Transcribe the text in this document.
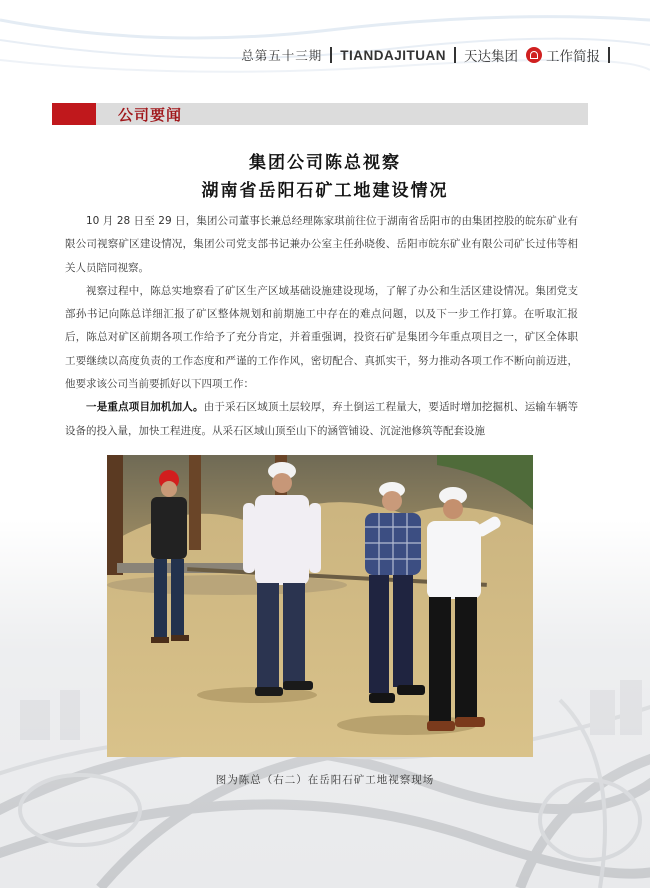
总第五十三期 TIANDAJITUAN 天达集团 工作简报
公司要闻
集团公司陈总视察
湖南省岳阳石矿工地建设情况

10 月 28 日至 29 日，集团公司董事长兼总经理陈家琪前往位于湖南省岳阳市的由集团控股的皖东矿业有限公司视察矿区建设情况，集团公司党支部书记兼办公室主任孙晓俊、岳阳市皖东矿业有限公司矿长过伟等相关人员陪同视察。

视察过程中，陈总实地察看了矿区生产区域基础设施建设现场，了解了办公和生活区建设情况。集团党支部孙书记向陈总详细汇报了矿区整体规划和前期施工中存在的难点问题，以及下一步工作打算。在听取汇报后，陈总对矿区前期各项工作给予了充分肯定，并着重强调，投资石矿是集团今年重点项目之一，矿区全体职工要继续以高度负责的工作态度和严谨的工作作风，密切配合、真抓实干，努力推动各项工作不断向前迈进，他要求该公司当前要抓好以下四项工作：

一是重点项目加机加人。由于采石区域顶土层较厚，弃土倒运工程量大，要适时增加挖掘机、运输车辆等设备的投入量，加快工程进度。从采石区域山顶至山下的涵管铺设、沉淀池修筑等配套设施

图为陈总（右二）在岳阳石矿工地视察现场
